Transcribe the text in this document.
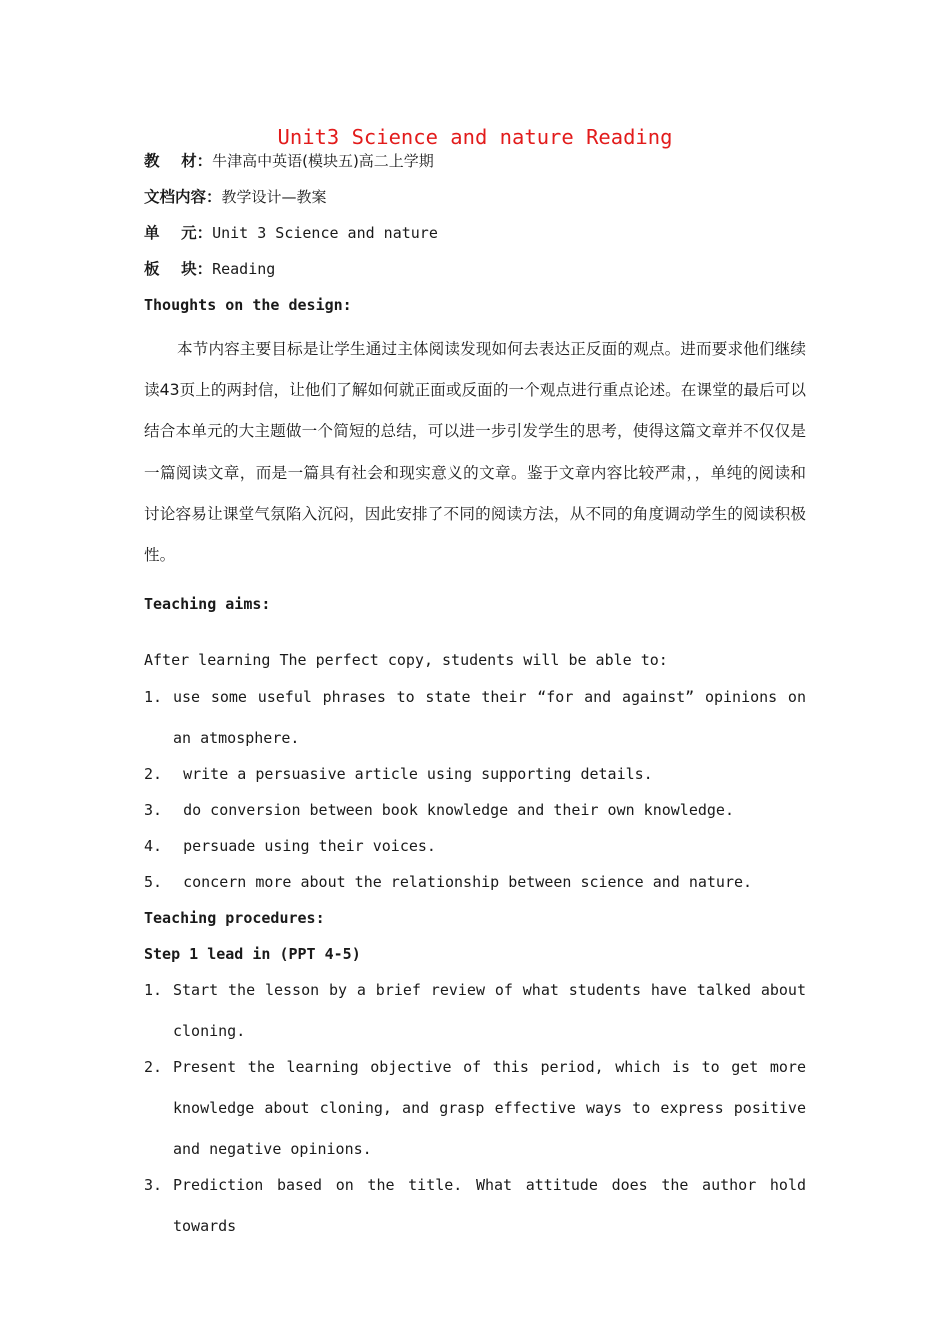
Unit3 Science and nature Reading
教    材：牛津高中英语(模块五)高二上学期
文档内容：教学设计—教案
单    元：Unit 3 Science and nature
板    块：Reading
Thoughts on the design:
本节内容主要目标是让学生通过主体阅读发现如何去表达正反面的观点。进而要求他们继续读43页上的两封信，让他们了解如何就正面或反面的一个观点进行重点论述。在课堂的最后可以结合本单元的大主题做一个简短的总结，可以进一步引发学生的思考，使得这篇文章并不仅仅是一篇阅读文章，而是一篇具有社会和现实意义的文章。鉴于文章内容比较严肃，，单纯的阅读和讨论容易让课堂气氛陷入沉闷，因此安排了不同的阅读方法，从不同的角度调动学生的阅读积极性。
Teaching aims:
After learning The perfect copy, students will be able to:
1. use some useful phrases to state their “for and against” opinions on an atmosphere.
2. write a persuasive article using supporting details.
3. do conversion between book knowledge and their own knowledge.
4. persuade using their voices.
5. concern more about the relationship between science and nature.
Teaching procedures:
Step 1 lead in (PPT 4-5)
1. Start the lesson by a brief review of what students have talked about cloning.
2. Present the learning objective of this period, which is to get more knowledge about cloning, and grasp effective ways to express positive and negative opinions.
3. Prediction based on the title. What attitude does the author hold towards
